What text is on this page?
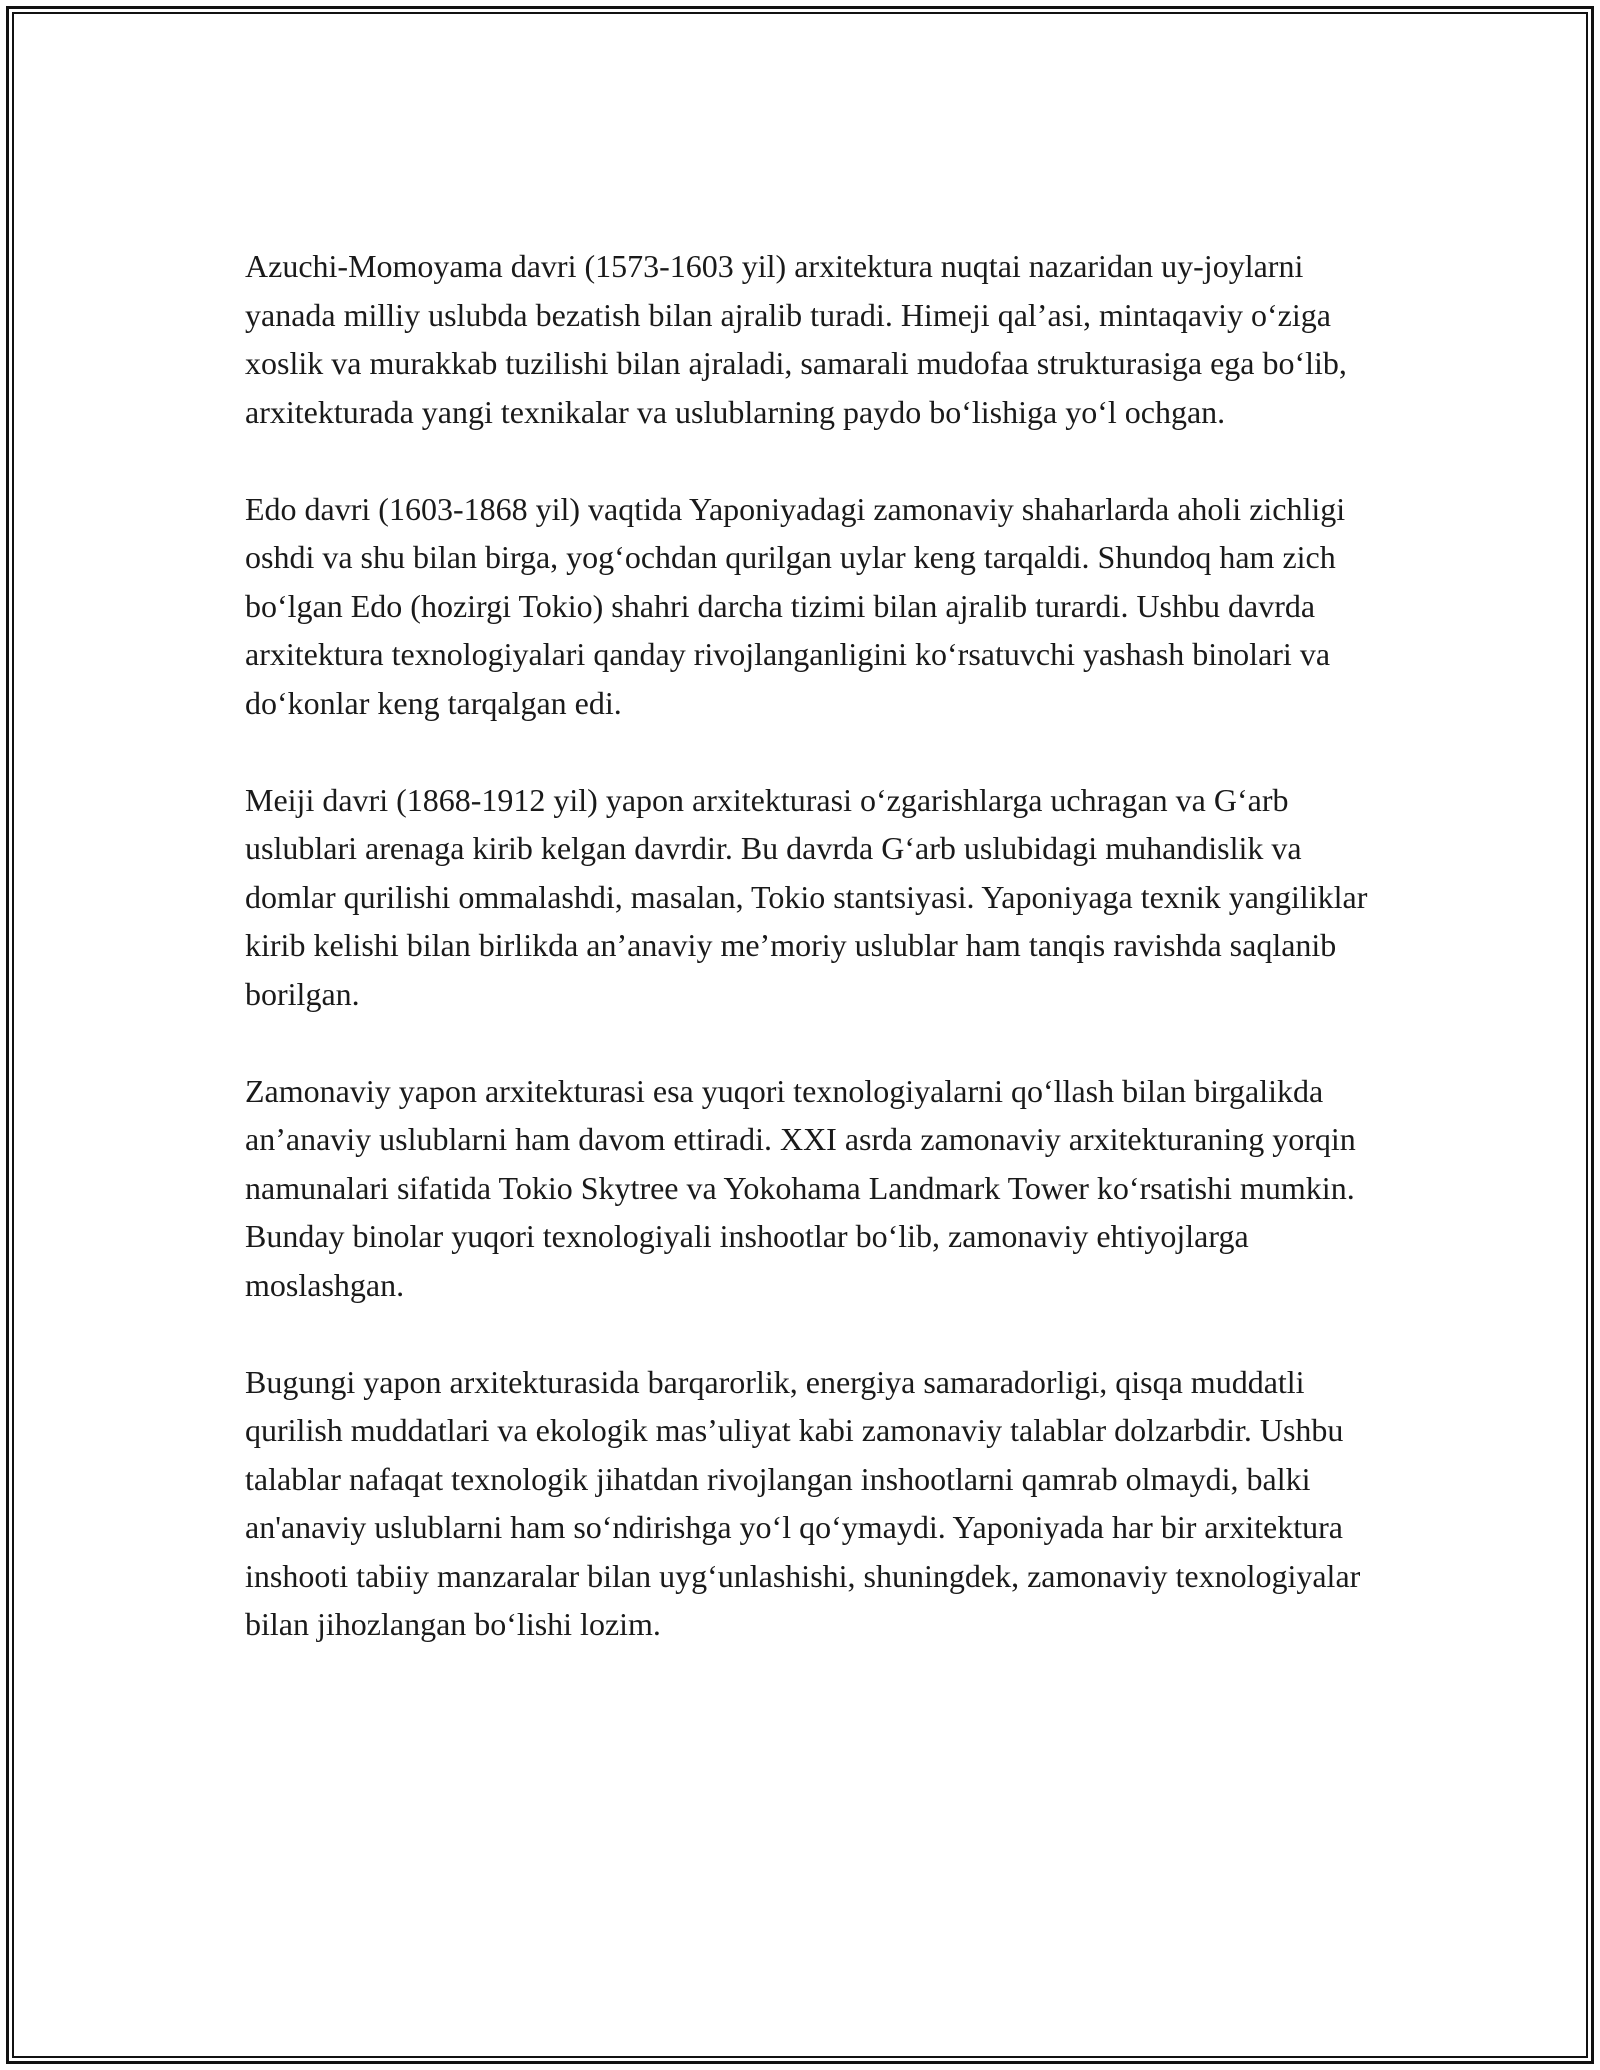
Azuchi-Momoyama davri (1573-1603 yil) arxitektura nuqtai nazaridan uy-joylarni yanada milliy uslubda bezatish bilan ajralib turadi. Himeji qal’asi, mintaqaviy o‘ziga xoslik va murakkab tuzilishi bilan ajraladi, samarali mudofaa strukturasiga ega bo‘lib, arxitekturada yangi texnikalar va uslublarning paydo bo‘lishiga yo‘l ochgan.

Edo davri (1603-1868 yil) vaqtida Yaponiyadagi zamonaviy shaharlarda aholi zichligi oshdi va shu bilan birga, yog‘ochdan qurilgan uylar keng tarqaldi. Shundoq ham zich bo‘lgan Edo (hozirgi Tokio) shahri darcha tizimi bilan ajralib turardi. Ushbu davrda arxitektura texnologiyalari qanday rivojlanganligini ko‘rsatuvchi yashash binolari va do‘konlar keng tarqalgan edi.

Meiji davri (1868-1912 yil) yapon arxitekturasi o‘zgarishlarga uchragan va G‘arb uslublari arenaga kirib kelgan davrdir. Bu davrda G‘arb uslubidagi muhandislik va domlar qurilishi ommalashdi, masalan, Tokio stantsiyasi. Yaponiyaga texnik yangiliklar kirib kelishi bilan birlikda an’anaviy me’moriy uslublar ham tanqis ravishda saqlanib borilgan.

Zamonaviy yapon arxitekturasi esa yuqori texnologiyalarni qo‘llash bilan birgalikda an’anaviy uslublarni ham davom ettiradi. XXI asrda zamonaviy arxitekturaning yorqin namunalari sifatida Tokio Skytree va Yokohama Landmark Tower ko‘rsatishi mumkin. Bunday binolar yuqori texnologiyali inshootlar bo‘lib, zamonaviy ehtiyojlarga moslashgan.

Bugungi yapon arxitekturasida barqarorlik, energiya samaradorligi, qisqa muddatli qurilish muddatlari va ekologik mas’uliyat kabi zamonaviy talablar dolzarbdir. Ushbu talablar nafaqat texnologik jihatdan rivojlangan inshootlarni qamrab olmaydi, balki an'anaviy uslublarni ham so‘ndirishga yo‘l qo‘ymaydi. Yaponiyada har bir arxitektura inshooti tabiiy manzaralar bilan uyg‘unlashishi, shuningdek, zamonaviy texnologiyalar bilan jihozlangan bo‘lishi lozim.
